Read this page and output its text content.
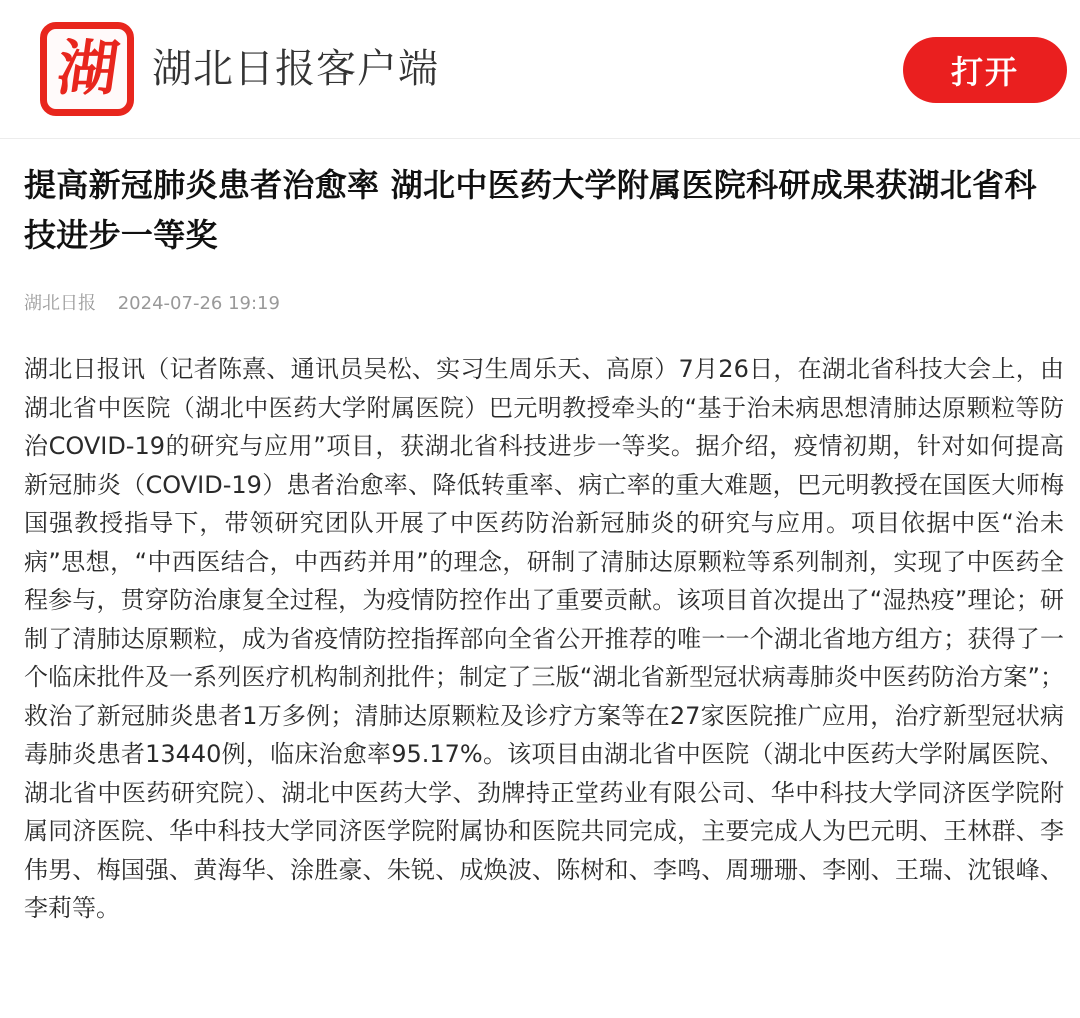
湖 湖北日报客户端	打开
提高新冠肺炎患者治愈率 湖北中医药大学附属医院科研成果获湖北省科技进步一等奖
湖北日报 2024-07-26 19:19

湖北日报讯（记者陈熹、通讯员吴松、实习生周乐天、高原）7月26日，在湖北省科技大会上，由湖北省中医院（湖北中医药大学附属医院）巴元明教授牵头的“基于治未病思想清肺达原颗粒等防治COVID-19的研究与应用”项目，获湖北省科技进步一等奖。据介绍，疫情初期，针对如何提高新冠肺炎（COVID-19）患者治愈率、降低转重率、病亡率的重大难题，巴元明教授在国医大师梅国强教授指导下，带领研究团队开展了中医药防治新冠肺炎的研究与应用。项目依据中医“治未病”思想，“中西医结合，中西药并用”的理念，研制了清肺达原颗粒等系列制剂，实现了中医药全程参与，贯穿防治康复全过程，为疫情防控作出了重要贡献。该项目首次提出了“湿热疫”理论；研制了清肺达原颗粒，成为省疫情防控指挥部向全省公开推荐的唯一一个湖北省地方组方；获得了一个临床批件及一系列医疗机构制剂批件；制定了三版“湖北省新型冠状病毒肺炎中医药防治方案”；救治了新冠肺炎患者1万多例；清肺达原颗粒及诊疗方案等在27家医院推广应用，治疗新型冠状病毒肺炎患者13440例，临床治愈率95.17%。该项目由湖北省中医院（湖北中医药大学附属医院、湖北省中医药研究院）、湖北中医药大学、劲牌持正堂药业有限公司、华中科技大学同济医学院附属同济医院、华中科技大学同济医学院附属协和医院共同完成，主要完成人为巴元明、王林群、李伟男、梅国强、黄海华、涂胜豪、朱锐、成焕波、陈树和、李鸣、周珊珊、李刚、王瑞、沈银峰、李莉等。
